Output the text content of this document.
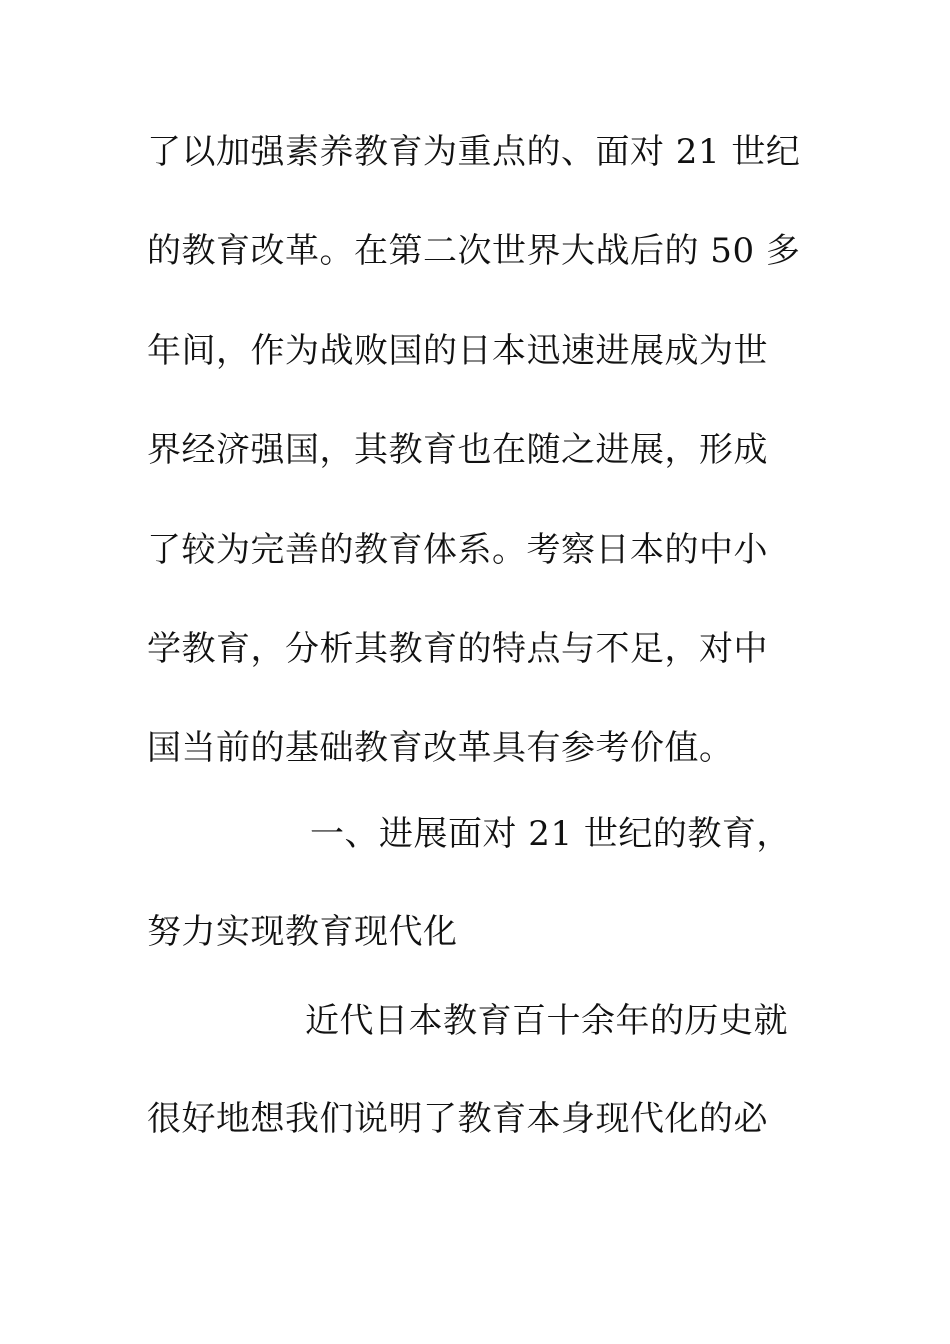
了以加强素养教育为重点的、面对 21 世纪
的教育改革。在第二次世界大战后的 50 多
年间，作为战败国的日本迅速进展成为世
界经济强国，其教育也在随之进展，形成
了较为完善的教育体系。考察日本的中小
学教育，分析其教育的特点与不足，对中
国当前的基础教育改革具有参考价值。
一、进展面对 21 世纪的教育，
努力实现教育现代化
近代日本教育百十余年的历史就
很好地想我们说明了教育本身现代化的必
